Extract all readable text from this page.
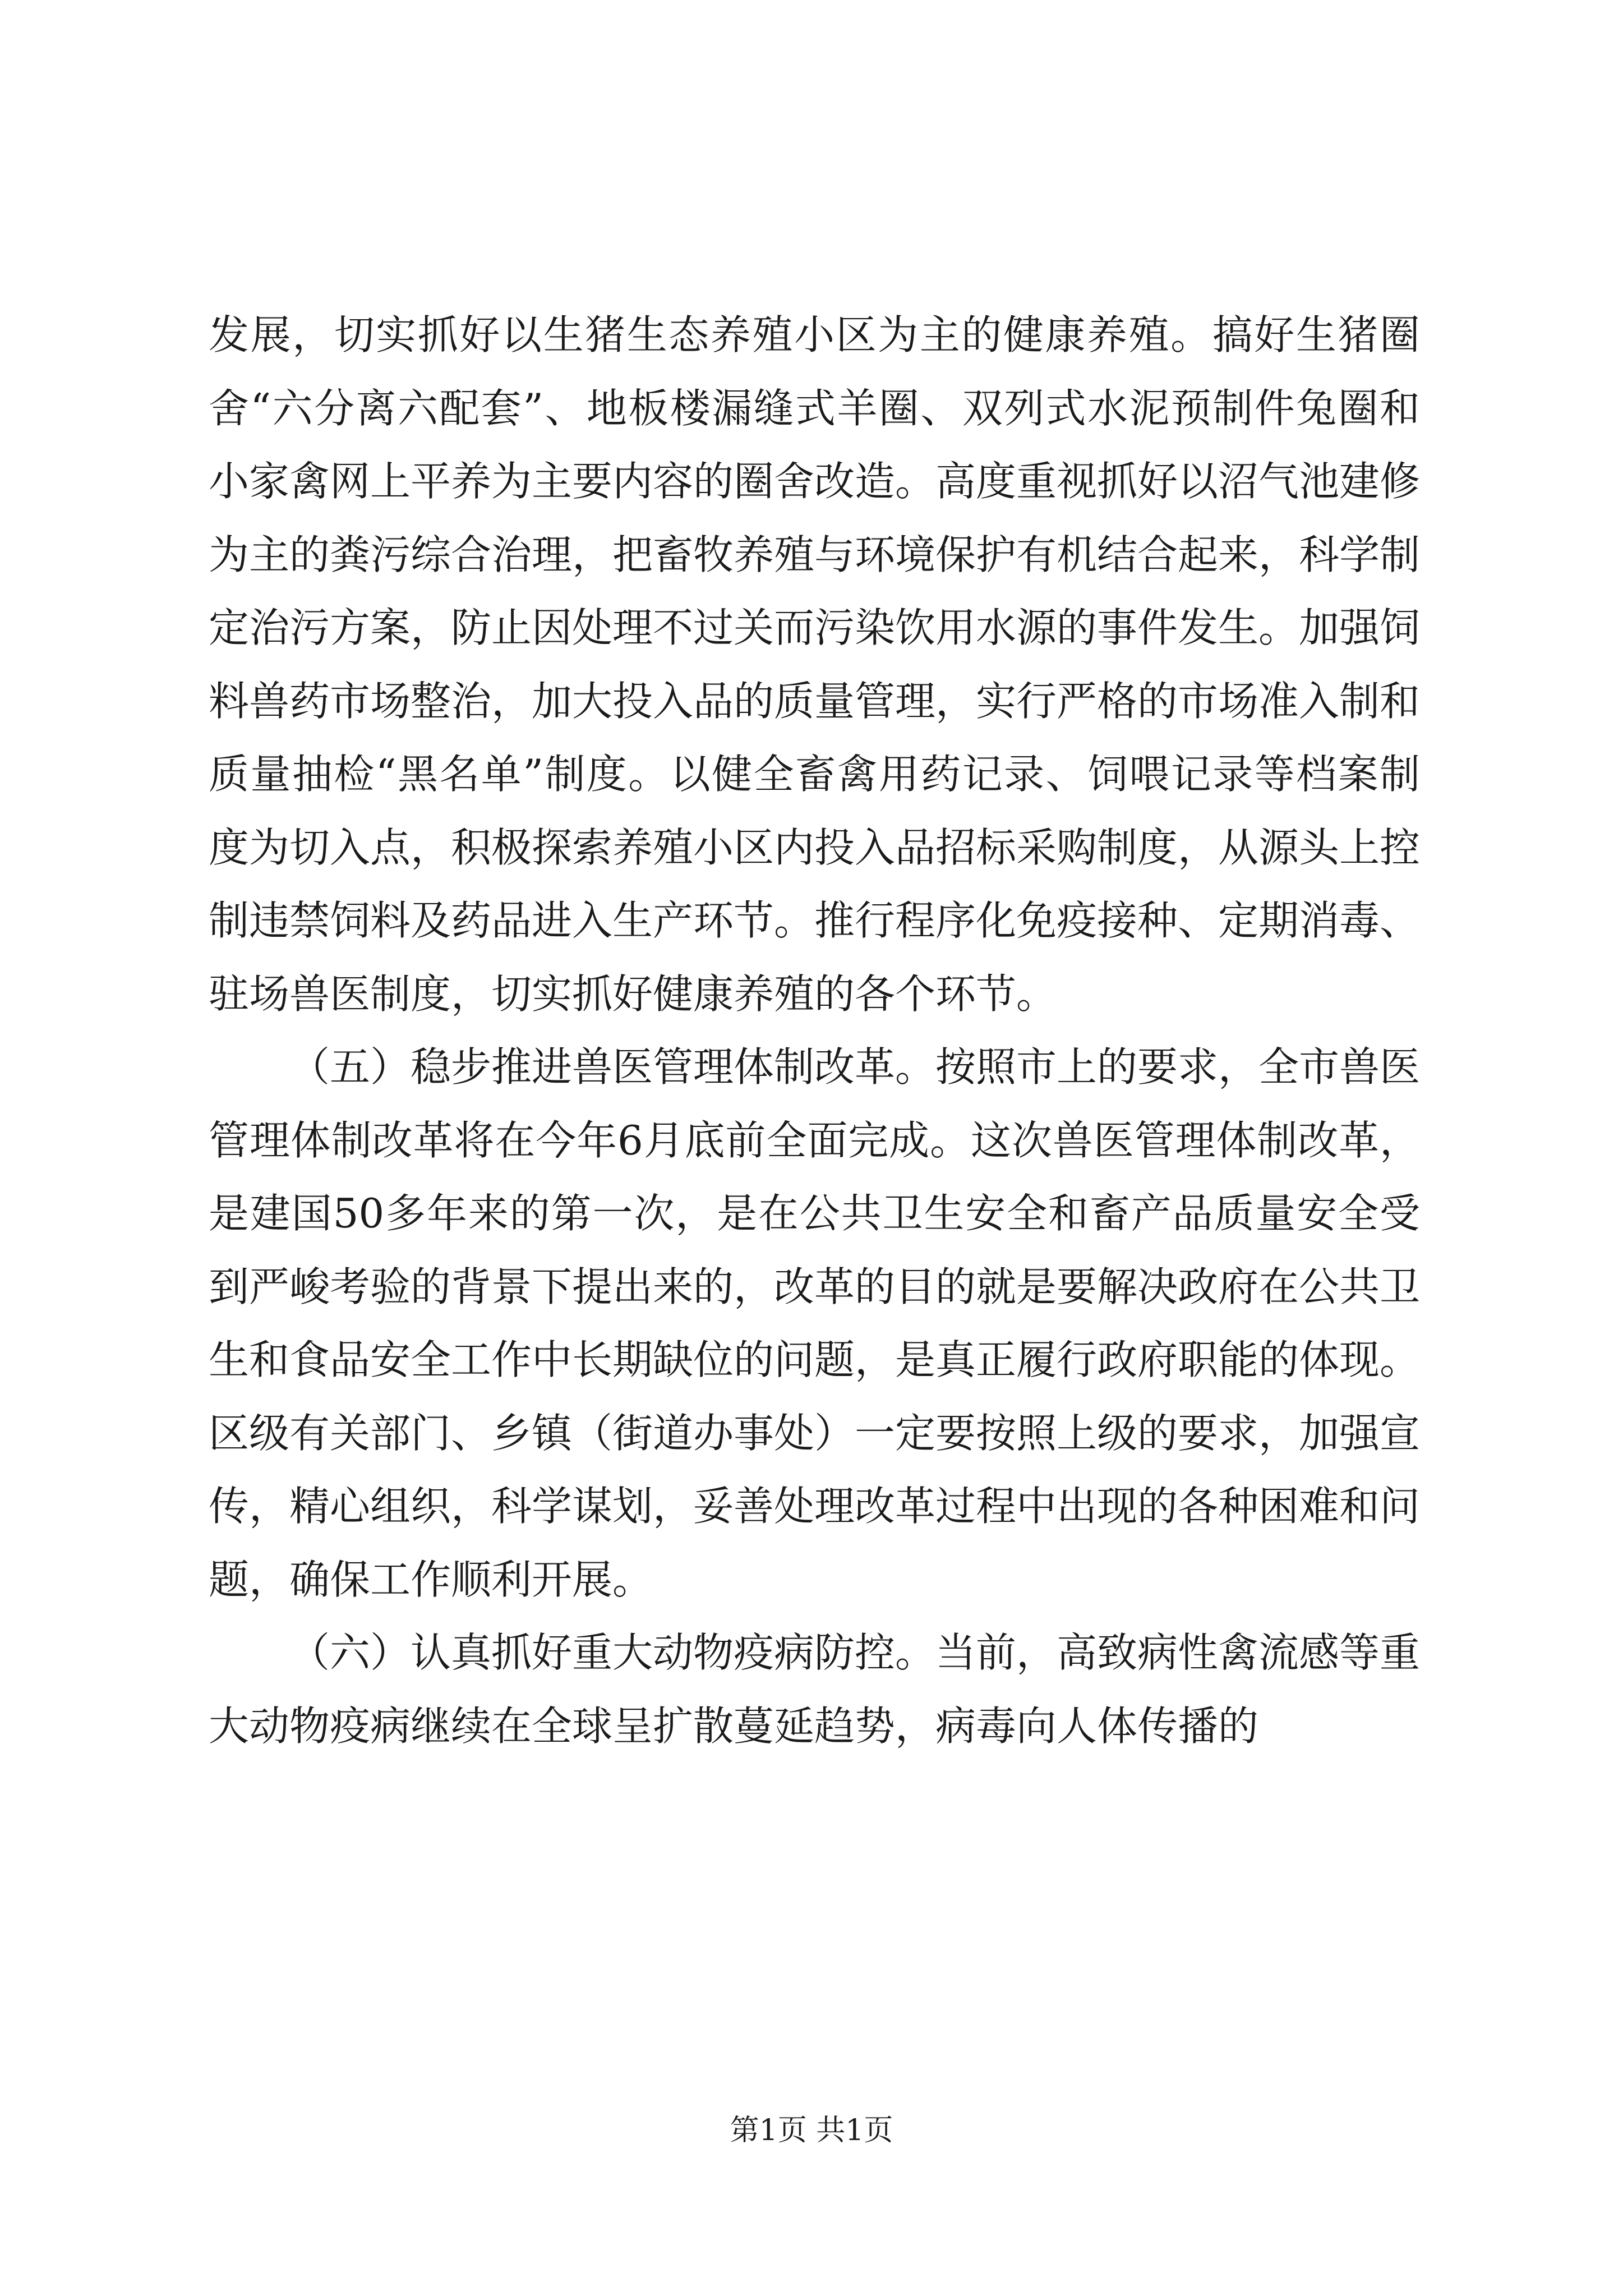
发展，切实抓好以生猪生态养殖小区为主的健康养殖。搞好生猪圈舍“六分离六配套”、地板楼漏缝式羊圈、双列式水泥预制件兔圈和小家禽网上平养为主要内容的圈舍改造。高度重视抓好以沼气池建修为主的粪污综合治理，把畜牧养殖与环境保护有机结合起来，科学制定治污方案，防止因处理不过关而污染饮用水源的事件发生。加强饲料兽药市场整治，加大投入品的质量管理，实行严格的市场准入制和质量抽检“黑名单”制度。以健全畜禽用药记录、饲喂记录等档案制度为切入点，积极探索养殖小区内投入品招标采购制度，从源头上控制违禁饲料及药品进入生产环节。推行程序化免疫接种、定期消毒、驻场兽医制度，切实抓好健康养殖的各个环节。

（五）稳步推进兽医管理体制改革。按照市上的要求，全市兽医管理体制改革将在今年6月底前全面完成。这次兽医管理体制改革，是建国50多年来的第一次，是在公共卫生安全和畜产品质量安全受到严峻考验的背景下提出来的，改革的目的就是要解决政府在公共卫生和食品安全工作中长期缺位的问题，是真正履行政府职能的体现。区级有关部门、乡镇（街道办事处）一定要按照上级的要求，加强宣传，精心组织，科学谋划，妥善处理改革过程中出现的各种困难和问题，确保工作顺利开展。

（六）认真抓好重大动物疫病防控。当前，高致病性禽流感等重大动物疫病继续在全球呈扩散蔓延趋势，病毒向人体传播的

第1页 共1页
